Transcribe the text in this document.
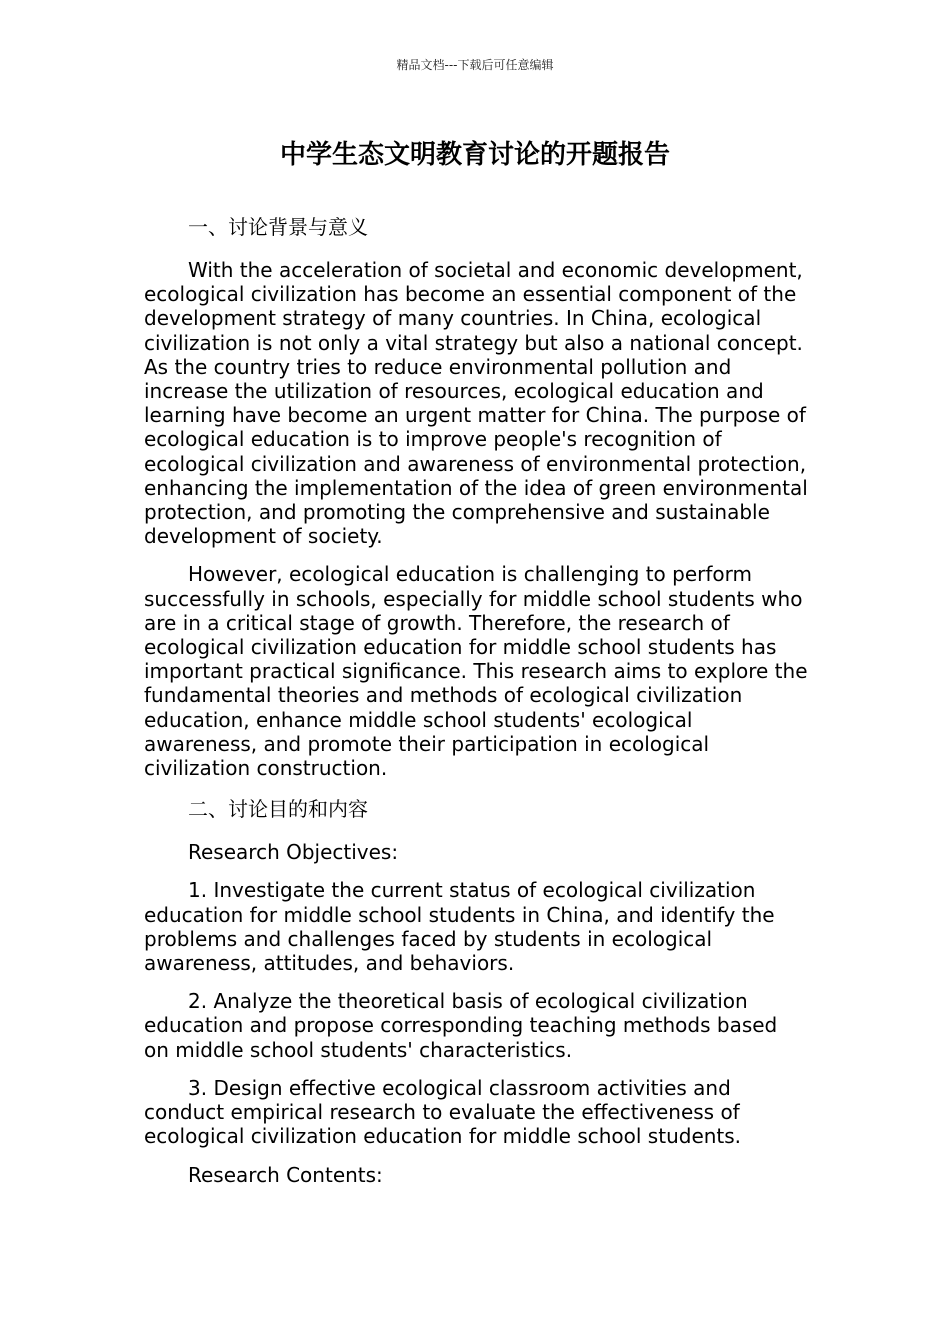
精品文档---下载后可任意编辑
中学生态文明教育讨论的开题报告

一、讨论背景与意义

With the acceleration of societal and economic development, ecological civilization has become an essential component of the development strategy of many countries. In China, ecological civilization is not only a vital strategy but also a national concept. As the country tries to reduce environmental pollution and increase the utilization of resources, ecological education and learning have become an urgent matter for China. The purpose of ecological education is to improve people's recognition of ecological civilization and awareness of environmental protection, enhancing the implementation of the idea of green environmental protection, and promoting the comprehensive and sustainable development of society.

However, ecological education is challenging to perform successfully in schools, especially for middle school students who are in a critical stage of growth. Therefore, the research of ecological civilization education for middle school students has important practical significance. This research aims to explore the fundamental theories and methods of ecological civilization education, enhance middle school students' ecological awareness, and promote their participation in ecological civilization construction.

二、讨论目的和内容

Research Objectives:

1. Investigate the current status of ecological civilization education for middle school students in China, and identify the problems and challenges faced by students in ecological awareness, attitudes, and behaviors.

2. Analyze the theoretical basis of ecological civilization education and propose corresponding teaching methods based on middle school students' characteristics.

3. Design effective ecological classroom activities and conduct empirical research to evaluate the effectiveness of ecological civilization education for middle school students.

Research Contents:
